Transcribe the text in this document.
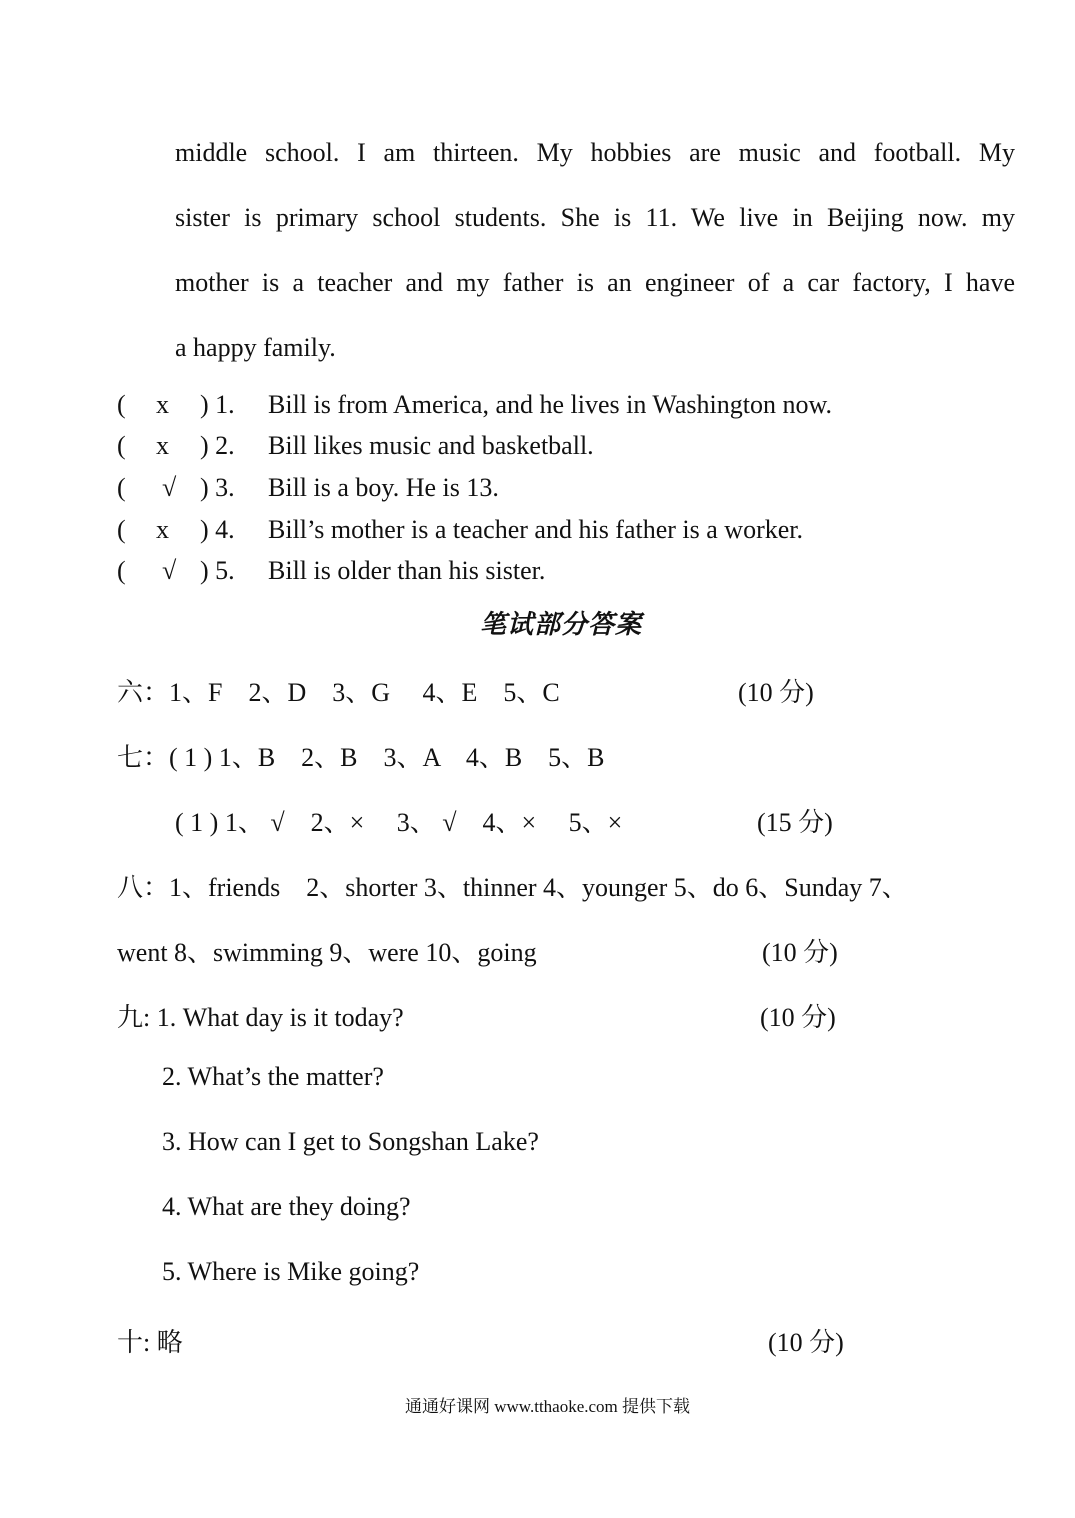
middle school. I am thirteen. My hobbies are music and football. My
sister is primary school students. She is 11. We live in Beijing now. my
mother is a teacher and my father is an engineer of a car factory, I have
a happy family.
( x ) 1. Bill is from America, and he lives in Washington now.
( x ) 2. Bill likes music and basketball.
( √ ) 3. Bill is a boy. He is 13.
( x ) 4. Bill’s mother is a teacher and his father is a worker.
( √ ) 5. Bill is older than his sister.
笔试部分答案
六：1、F　2、D　3、G　 4、E　5、C	(10 分)
七：( 1 ) 1、B　2、B　3、A　4、B　5、B
( 1 ) 1、 √　2、×　 3、 √　4、×　 5、×	(15 分)
八：1、friends　2、shorter 3、thinner 4、younger 5、do 6、Sunday 7、
went 8、swimming 9、were 10、going	(10 分)
九: 1. What day is it today?	(10 分)
2. What’s the matter?
3. How can I get to Songshan Lake?
4. What are they doing?
5. Where is Mike going?
十: 略	(10 分)
通通好课网 www.tthaoke.com 提供下载
